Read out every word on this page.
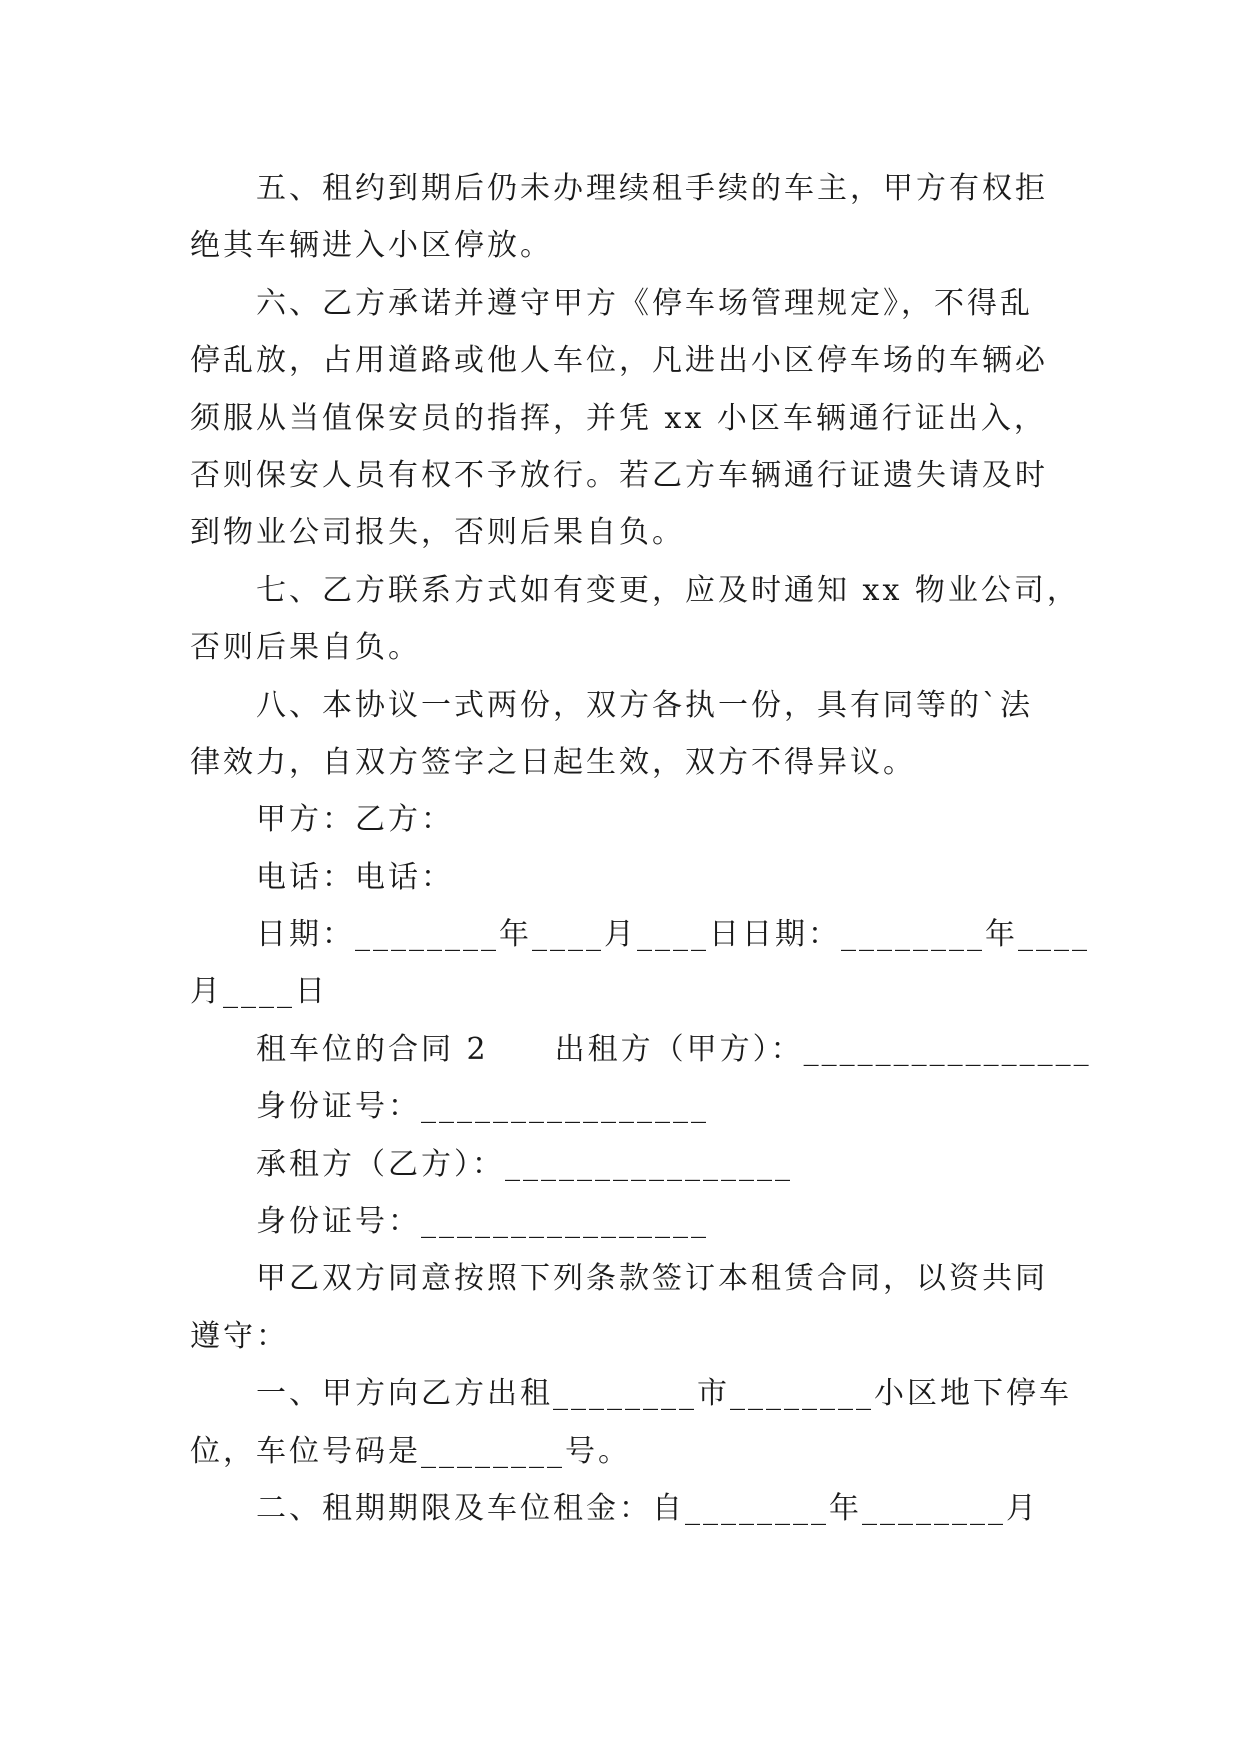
五、租约到期后仍未办理续租手续的车主，甲方有权拒
绝其车辆进入小区停放。
六、乙方承诺并遵守甲方《停车场管理规定》，不得乱
停乱放，占用道路或他人车位，凡进出小区停车场的车辆必
须服从当值保安员的指挥，并凭 xx 小区车辆通行证出入，
否则保安人员有权不予放行。若乙方车辆通行证遗失请及时
到物业公司报失，否则后果自负。
七、乙方联系方式如有变更，应及时通知 xx 物业公司，
否则后果自负。
八、本协议一式两份，双方各执一份，具有同等的`法
律效力，自双方签字之日起生效，双方不得异议。
甲方：乙方：
电话：电话：
日期：________年____月____日日期：________年____
月____日
租车位的合同 2　　出租方（甲方）：________________
身份证号：________________
承租方（乙方）：________________
身份证号：________________
甲乙双方同意按照下列条款签订本租赁合同，以资共同
遵守：
一、甲方向乙方出租________市________小区地下停车
位，车位号码是________号。
二、租期期限及车位租金：自________年________月
